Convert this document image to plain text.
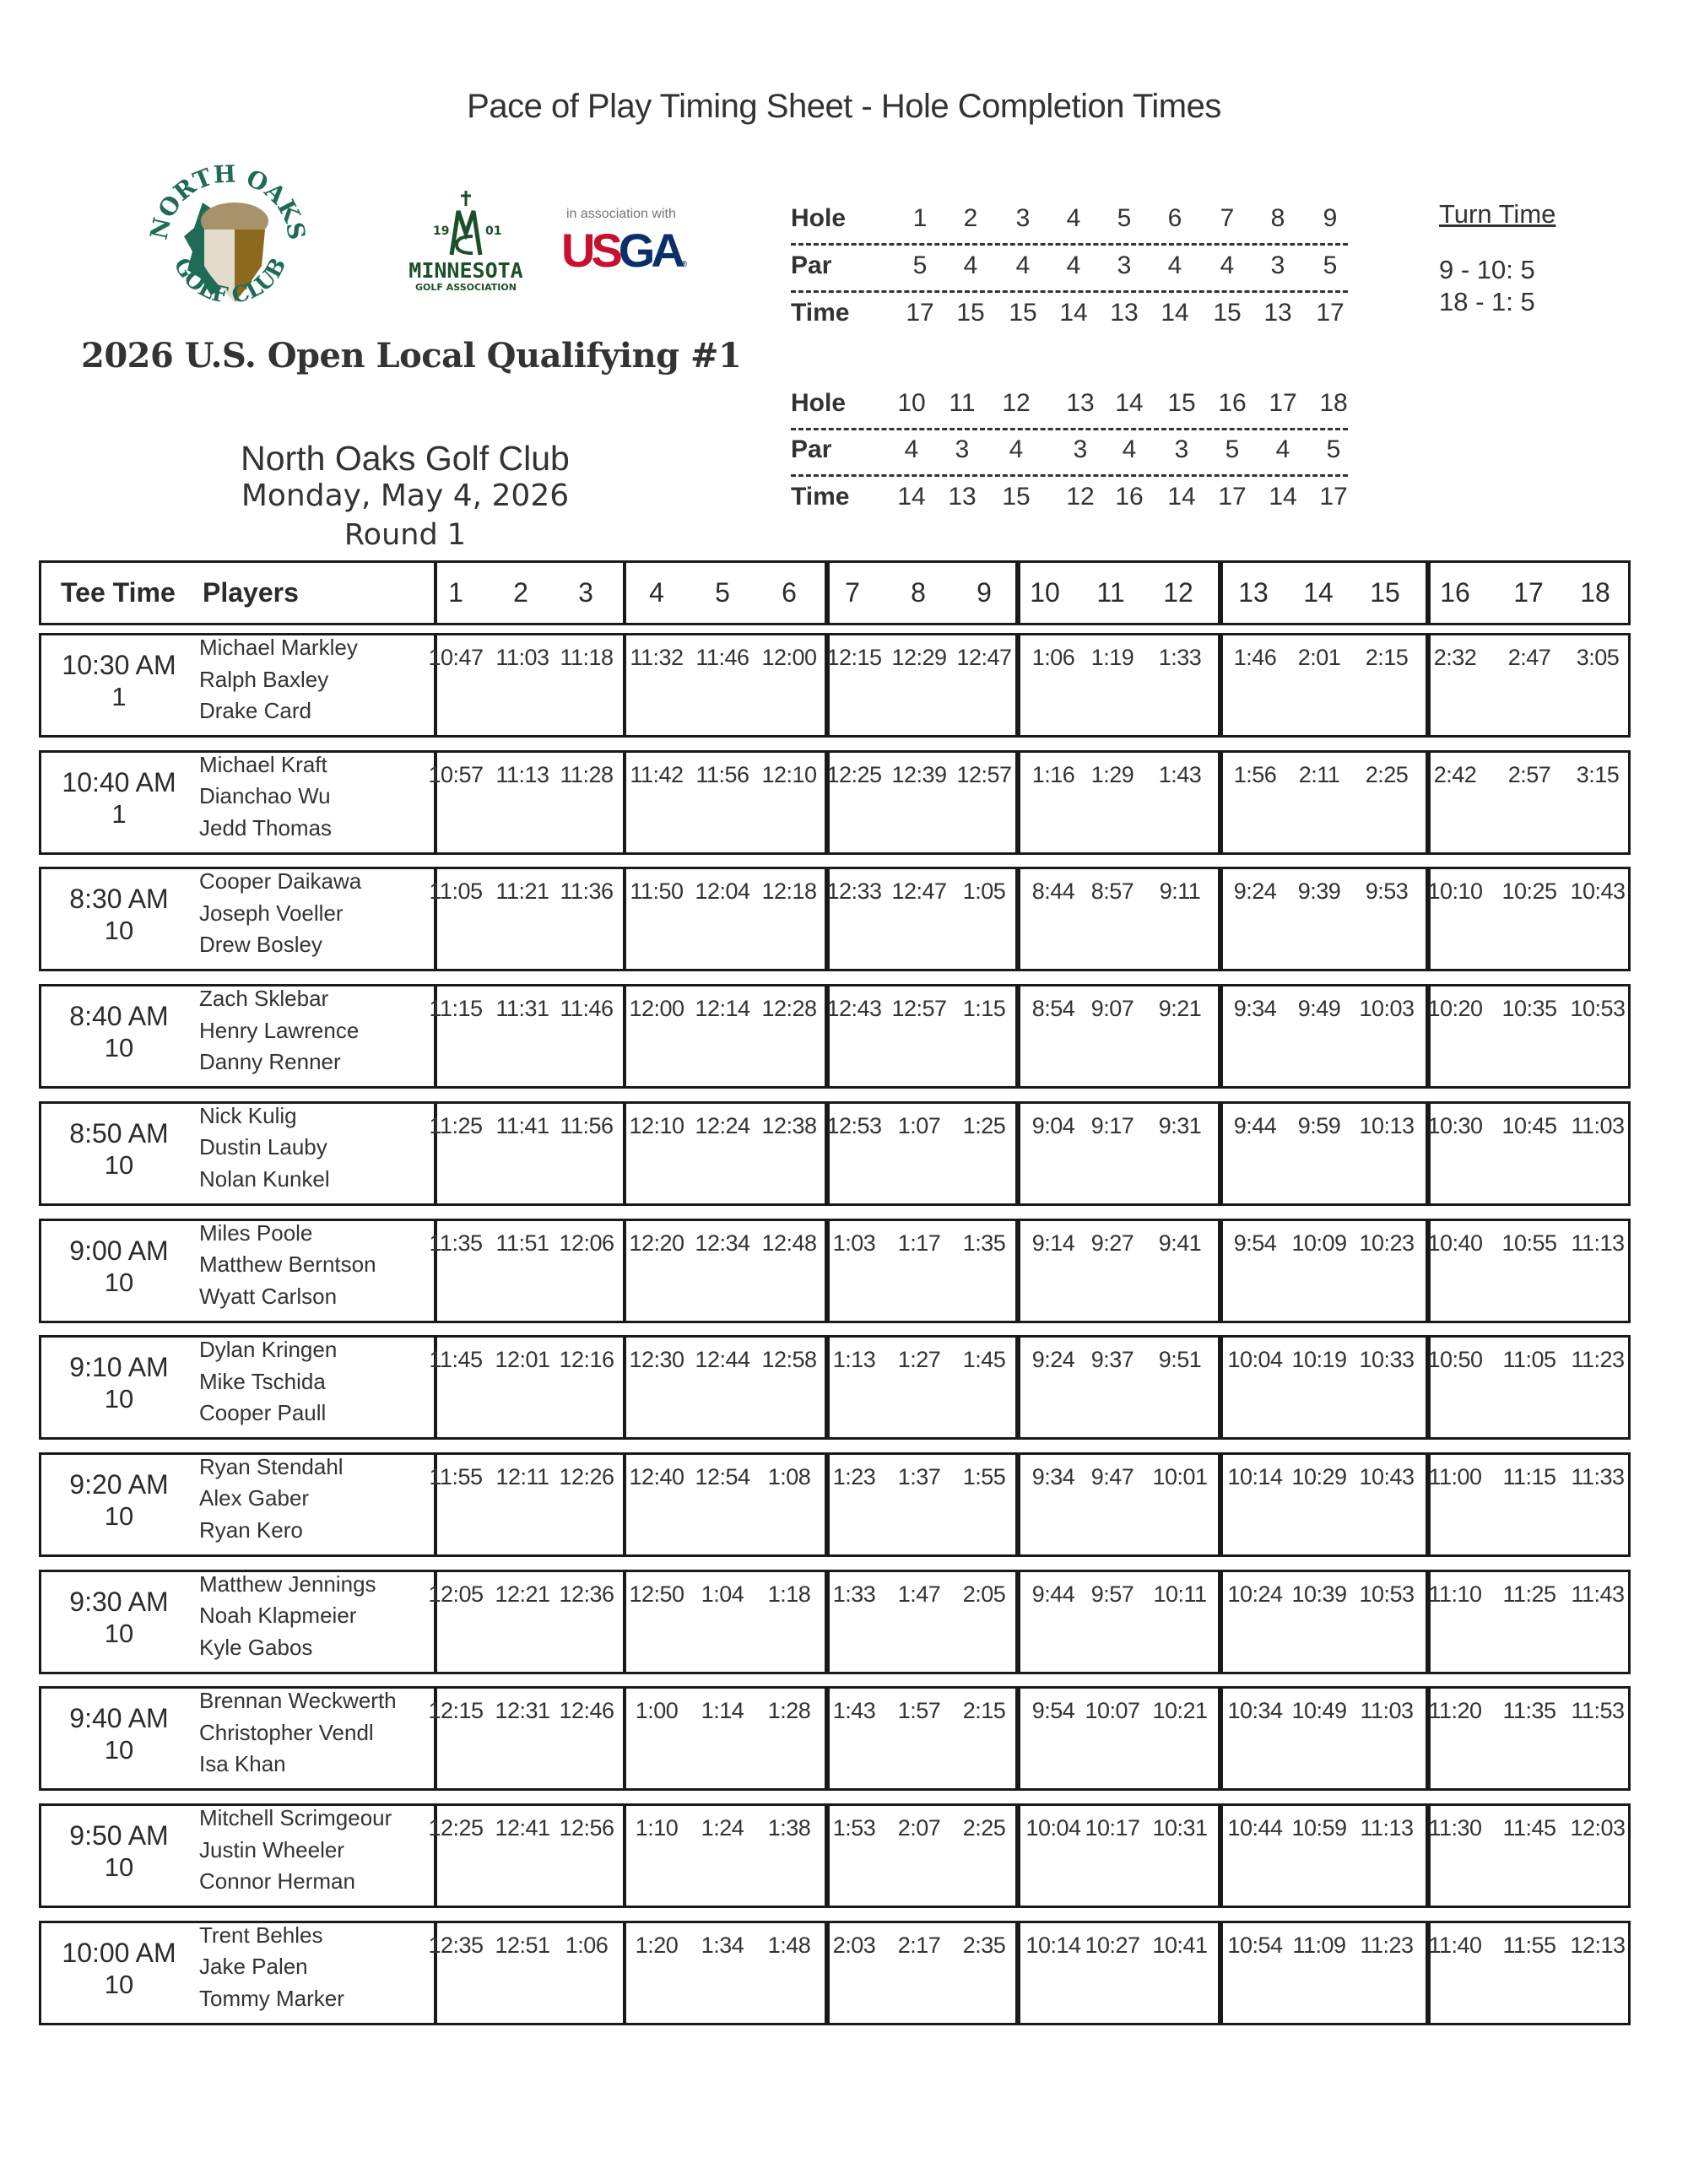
Pace of Play Timing Sheet - Hole Completion Times
NORTH OAKS
GOLF CLUB
19	01
MINNESOTA
GOLF ASSOCIATION
in association with
USGA®
2026 U.S. Open Local Qualifying #1
North Oaks Golf Club
Monday, May 4, 2026
Round 1
Hole	1	2	3	4	5	6	7	8	9
Par	5	4	4	4	3	4	4	3	5
Time	17 15 15 14 13 14 15 13 17
Hole	10 11	12	13 14 15 16 17 18
Par	4	3	4	3	4	3	5	4	5
Time	14 13	15	12 16 14 17 14 17
Turn Time
9 - 10: 5
18 - 1: 5
Tee Time Players	1	2	3	4	5	6	7	8	9	10	11	12	13	14	15	16	17	18
10:30 AM
1
Michael Markley
Ralph Baxley
Drake Card
10:47 11:03 11:18 11:32 11:46 12:00 12:15 12:29 12:47 1:06 1:19	1:33	1:46 2:01	2:15	2:32	2:47	3:05
10:40 AM
1
Michael Kraft
Dianchao Wu
Jedd Thomas
10:57 11:13 11:28 11:42 11:56 12:10 12:25 12:39 12:57 1:16 1:29	1:43	1:56 2:11	2:25	2:42	2:57	3:15
8:30 AM
10
Cooper Daikawa
Joseph Voeller
Drew Bosley
11:05 11:21 11:36 11:50 12:04 12:18 12:33 12:47 1:05	8:44 8:57	9:11	9:24 9:39	9:53 10:10 10:25 10:43
8:40 AM
10
Zach Sklebar
Henry Lawrence
Danny Renner
11:15 11:31 11:46 12:00 12:14 12:28 12:43 12:57 1:15	8:54 9:07	9:21	9:34 9:49 10:03 10:20 10:35 10:53
8:50 AM
10
Nick Kulig
Dustin Lauby
Nolan Kunkel
11:25 11:41 11:56 12:10 12:24 12:38 12:53 1:07 1:25	9:04 9:17	9:31	9:44 9:59 10:13 10:30 10:45 11:03
9:00 AM
10
Miles Poole
Matthew Berntson
Wyatt Carlson
11:35 11:51 12:06 12:20 12:34 12:48 1:03 1:17 1:35	9:14 9:27	9:41	9:54 10:09 10:23 10:40 10:55 11:13
9:10 AM
10
Dylan Kringen
Mike Tschida
Cooper Paull
11:45 12:01 12:16 12:30 12:44 12:58 1:13 1:27 1:45	9:24 9:37	9:51	10:04 10:19 10:33 10:50 11:05 11:23
9:20 AM
10
Ryan Stendahl
Alex Gaber
Ryan Kero
11:55 12:11 12:26 12:40 12:54 1:08 1:23 1:37 1:55	9:34 9:47 10:01 10:14 10:29 10:43 11:00 11:15 11:33
9:30 AM
10
Matthew Jennings
Noah Klapmeier
Kyle Gabos
12:05 12:21 12:36 12:50 1:04	1:18 1:33 1:47 2:05	9:44 9:57 10:11 10:24 10:39 10:53 11:10 11:25 11:43
9:40 AM
10
Brennan Weckwerth
Christopher Vendl
Isa Khan
12:15 12:31 12:46 1:00	1:14	1:28 1:43 1:57 2:15	9:54 10:07 10:21 10:34 10:49 11:03 11:20 11:35 11:53
9:50 AM
10
Mitchell Scrimgeour
Justin Wheeler
Connor Herman
12:25 12:41 12:56 1:10	1:24	1:38 1:53 2:07 2:25 10:04 10:17 10:31 10:44 10:59 11:13 11:30 11:45 12:03
10:00 AM
10
Trent Behles
Jake Palen
Tommy Marker
12:35 12:51 1:06	1:20	1:34	1:48 2:03 2:17 2:35 10:14 10:27 10:41 10:54 11:09 11:23 11:40 11:55 12:13
